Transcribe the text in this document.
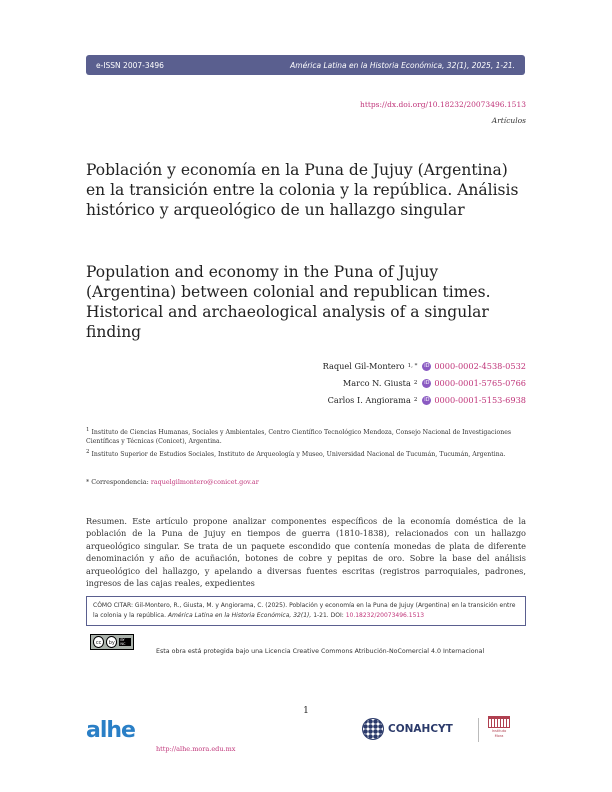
e-ISSN 2007-3496	América Latina en la Historia Económica, 32(1), 2025, 1-21.
https://dx.doi.org/10.18232/20073496.1513
Artículos
Población y economía en la Puna de Jujuy (Argentina) en la transición entre la colonia y la república. Análisis histórico y arqueológico de un hallazgo singular
Population and economy in the Puna of Jujuy (Argentina) between colonial and republican times. Historical and archaeological analysis of a singular finding
Raquel Gil-Montero 1, *	iD 0000-0002-4538-0532
Marco N. Giusta 2	iD 0000-0001-5765-0766
Carlos I. Angiorama 2	iD 0000-0001-5153-6938
$^1$ Instituto de Ciencias Humanas, Sociales y Ambientales, Centro Científico Tecnológico Mendoza, Consejo Nacional de Investigaciones Científicas y Técnicas (Conicet), Argentina.
$^2$ Instituto Superior de Estudios Sociales, Instituto de Arqueología y Museo, Universidad Nacional de Tucumán, Tucumán, Argentina.
* Correspondencia: raquelgilmontero@conicet.gov.ar
Resumen. Este artículo propone analizar componentes específicos de la economía doméstica de la población de la Puna de Jujuy en tiempos de guerra (1810-1838), relacionados con un hallazgo arqueológico singular. Se trata de un paquete escondido que contenía monedas de plata de diferente denominación y año de acuñación, botones de cobre y pepitas de oro. Sobre la base del análisis arqueológico del hallazgo, y apelando a diversas fuentes escritas (registros parroquiales, padrones, ingresos de las cajas reales, expedientes
CÓMO CITAR: Gil-Montero, R., Giusta, M. y Angiorama, C. (2025). Población y economía en la Puna de Jujuy (Argentina) en la transición entre la colonia y la república. América Latina en la Historia Económica, 32(1), 1-21. DOI: 10.18232/20073496.1513
cc	by	BY NC
Esta obra está protegida bajo una Licencia Creative Commons Atribución-NoComercial 4.0 Internacional
1
alhe
http://alhe.mora.edu.mx
CONAHCYT	Instituto
Mora
